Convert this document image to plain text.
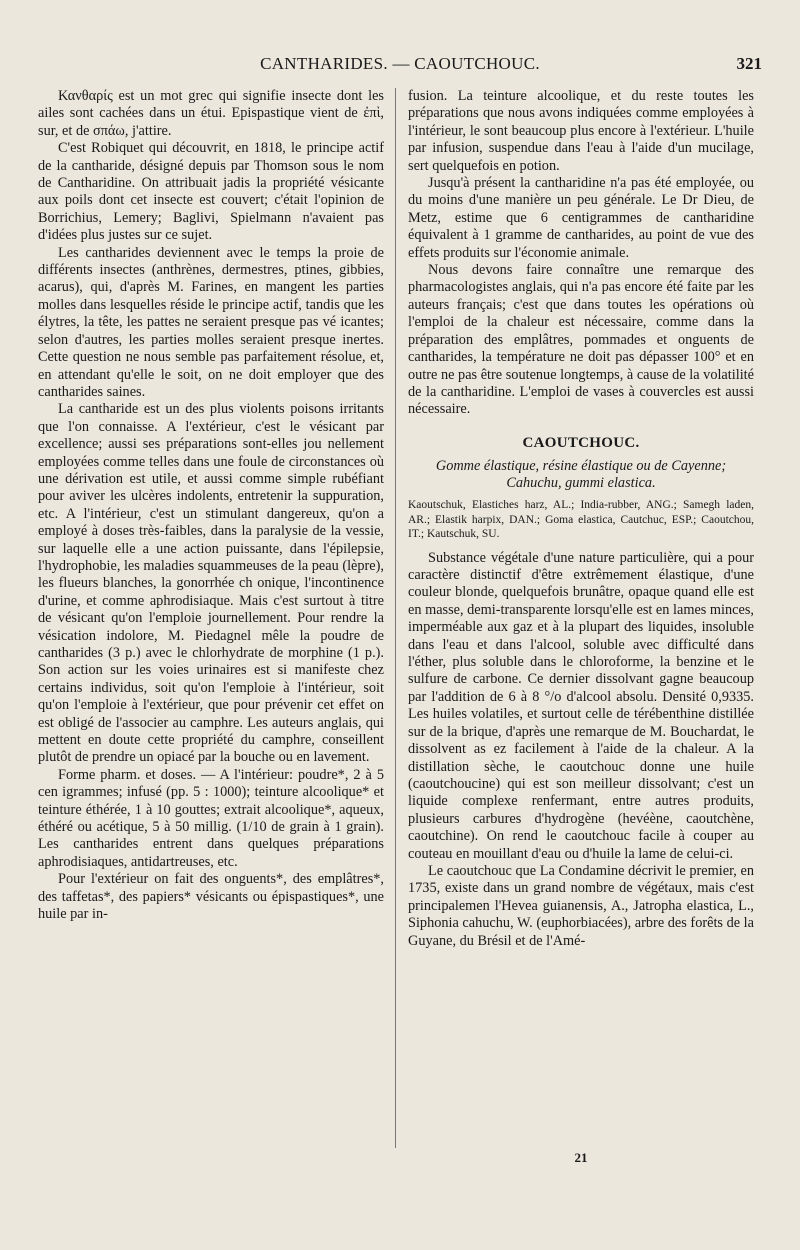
CANTHARIDES. — CAOUTCHOUC.	321

Κανθαρίς est un mot grec qui signifie insecte dont les ailes sont cachées dans un étui. Epispastique vient de ἐπὶ, sur, et de σπάω, j'attire.

C'est Robiquet qui découvrit, en 1818, le principe actif de la cantharide, désigné depuis par Thomson sous le nom de Cantharidine. On attribuait jadis la propriété vésicante aux poils dont cet insecte est couvert; c'était l'opinion de Borrichius, Lemery; Baglivi, Spielmann n'avaient pas d'idées plus justes sur ce sujet.

Les cantharides deviennent avec le temps la proie de différents insectes (anthrènes, dermestres, ptines, gibbies, acarus), qui, d'après M. Farines, en mangent les parties molles dans lesquelles réside le principe actif, tandis que les élytres, la tête, les pattes ne seraient presque pas vé icantes; selon d'autres, les parties molles seraient presque inertes. Cette question ne nous semble pas parfaitement résolue, et, en attendant qu'elle le soit, on ne doit employer que des cantharides saines.

La cantharide est un des plus violents poisons irritants que l'on connaisse. A l'extérieur, c'est le vésicant par excellence; aussi ses préparations sont-elles jou nellement employées comme telles dans une foule de circonstances où une dérivation est utile, et aussi comme simple rubéfiant pour aviver les ulcères indolents, entretenir la suppuration, etc. A l'intérieur, c'est un stimulant dangereux, qu'on a employé à doses très-faibles, dans la paralysie de la vessie, sur laquelle elle a une action puissante, dans l'épilepsie, l'hydrophobie, les maladies squammeuses de la peau (lèpre), les flueurs blanches, la gonorrhée ch onique, l'incontinence d'urine, et comme aphrodisiaque. Mais c'est surtout à titre de vésicant qu'on l'emploie journellement. Pour rendre la vésication indolore, M. Piedagnel mêle la poudre de cantharides (3 p.) avec le chlorhydrate de morphine (1 p.). Son action sur les voies urinaires est si manifeste chez certains individus, soit qu'on l'emploie à l'intérieur, soit qu'on l'emploie à l'extérieur, que pour prévenir cet effet on est obligé de l'associer au camphre. Les auteurs anglais, qui mettent en doute cette propriété du camphre, conseillent plutôt de prendre un opiacé par la bouche ou en lavement.

Forme pharm. et doses. — A l'intérieur: poudre*, 2 à 5 cen igrammes; infusé (pp. 5 : 1000); teinture alcoolique* et teinture éthérée, 1 à 10 gouttes; extrait alcoolique*, aqueux, éthéré ou acétique, 5 à 50 millig. (1/10 de grain à 1 grain). Les cantharides entrent dans quelques préparations aphrodisiaques, antidartreuses, etc.

Pour l'extérieur on fait des onguents*, des emplâtres*, des taffetas*, des papiers* vésicants ou épispastiques*, une huile par in-

fusion. La teinture alcoolique, et du reste toutes les préparations que nous avons indiquées comme employées à l'intérieur, le sont beaucoup plus encore à l'extérieur. L'huile par infusion, suspendue dans l'eau à l'aide d'un mucilage, sert quelquefois en potion.

Jusqu'à présent la cantharidine n'a pas été employée, ou du moins d'une manière un peu générale. Le Dr Dieu, de Metz, estime que 6 centigrammes de cantharidine équivalent à 1 gramme de cantharides, au point de vue des effets produits sur l'économie animale.

Nous devons faire connaître une remarque des pharmacologistes anglais, qui n'a pas encore été faite par les auteurs français; c'est que dans toutes les opérations où l'emploi de la chaleur est nécessaire, comme dans la préparation des emplâtres, pommades et onguents de cantharides, la température ne doit pas dépasser 100° et en outre ne pas être soutenue longtemps, à cause de la volatilité de la cantharidine. L'emploi de vases à couvercles est aussi nécessaire.

CAOUTCHOUC.
Gomme élastique, résine élastique ou de Cayenne;
Cahuchu, gummi elastica.

Kaoutschuk, Elastiches harz, AL.; India-rubber, ANG.; Samegh laden, AR.; Elastik harpix, DAN.; Goma elastica, Cautchuc, ESP.; Caoutchou, IT.; Kautschuk, SU.

Substance végétale d'une nature particulière, qui a pour caractère distinctif d'être extrêmement élastique, d'une couleur blonde, quelquefois brunâtre, opaque quand elle est en masse, demi-transparente lorsqu'elle est en lames minces, imperméable aux gaz et à la plupart des liquides, insoluble dans l'eau et dans l'alcool, soluble avec difficulté dans l'éther, plus soluble dans le chloroforme, la benzine et le sulfure de carbone. Ce dernier dissolvant gagne beaucoup par l'addition de 6 à 8 °/o d'alcool absolu. Densité 0,9335. Les huiles volatiles, et surtout celle de térébenthine distillée sur de la brique, d'après une remarque de M. Bouchardat, le dissolvent as ez facilement à l'aide de la chaleur. A la distillation sèche, le caoutchouc donne une huile (caoutchoucine) qui est son meilleur dissolvant; c'est un liquide complexe renfermant, entre autres produits, plusieurs carbures d'hydrogène (hevéène, caoutchène, caoutchine). On rend le caoutchouc facile à couper au couteau en mouillant d'eau ou d'huile la lame de celui-ci.

Le caoutchouc que La Condamine décrivit le premier, en 1735, existe dans un grand nombre de végétaux, mais c'est principalemen l'Hevea guianensis, A., Jatropha elastica, L., Siphonia cahuchu, W. (euphorbiacées), arbre des forêts de la Guyane, du Brésil et de l'Amé-

21
